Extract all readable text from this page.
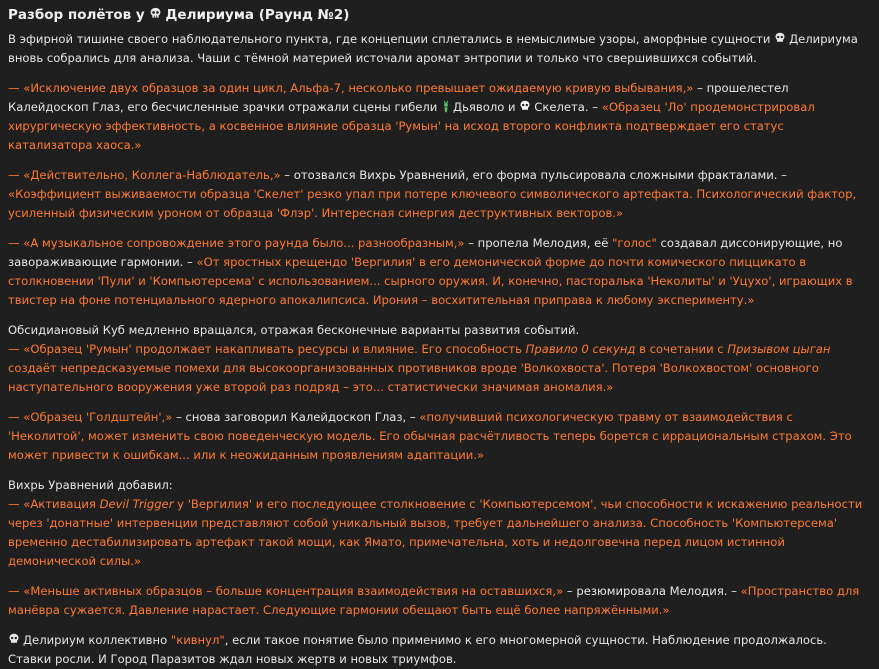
Разбор полётов у Делириума (Раунд №2)

В эфирной тишине своего наблюдательного пункта, где концепции сплетались в немыслимые узоры, аморфные сущности Делириума вновь собрались для анализа. Чаши с тёмной материей источали аромат энтропии и только что свершившихся событий.

— «Исключение двух образцов за один цикл, Альфа-7, несколько превышает ожидаемую кривую выбывания,» – прошелестел Калейдоскоп Глаз, его бесчисленные зрачки отражали сцены гибели Дьяволо и Скелета. – «Образец 'Ло' продемонстрировал хирургическую эффективность, а косвенное влияние образца 'Румын' на исход второго конфликта подтверждает его статус катализатора хаоса.»

— «Действительно, Коллега-Наблюдатель,» – отозвался Вихрь Уравнений, его форма пульсировала сложными фракталами. – «Коэффициент выживаемости образца 'Скелет' резко упал при потере ключевого символического артефакта. Психологический фактор, усиленный физическим уроном от образца 'Флэр'. Интересная синергия деструктивных векторов.»

— «А музыкальное сопровождение этого раунда было... разнообразным,» – пропела Мелодия, её "голос" создавал диссонирующие, но завораживающие гармонии. – «От яростных крещендо 'Вергилия' в его демонической форме до почти комического пиццикато в столкновении 'Пули' и 'Компьютерсема' с использованием... сырного оружия. И, конечно, пасторалька 'Неколиты' и 'Уцухо', играющих в твистер на фоне потенциального ядерного апокалипсиса. Ирония – восхитительная приправа к любому эксперименту.»

Обсидиановый Куб медленно вращался, отражая бесконечные варианты развития событий.
— «Образец 'Румын' продолжает накапливать ресурсы и влияние. Его способность Правило 0 секунд в сочетании с Призывом цыган создаёт непредсказуемые помехи для высокоорганизованных противников вроде 'Волкохвоста'. Потеря 'Волкохвостом' основного наступательного вооружения уже второй раз подряд – это... статистически значимая аномалия.»

— «Образец 'Голдштейн',» – снова заговорил Калейдоскоп Глаз, – «получивший психологическую травму от взаимодействия с 'Неколитой', может изменить свою поведенческую модель. Его обычная расчётливость теперь борется с иррациональным страхом. Это может привести к ошибкам... или к неожиданным проявлениям адаптации.»

Вихрь Уравнений добавил:
— «Активация Devil Trigger у 'Вергилия' и его последующее столкновение с 'Компьютерсемом', чьи способности к искажению реальности через 'донатные' интервенции представляют собой уникальный вызов, требует дальнейшего анализа. Способность 'Компьютерсема' временно дестабилизировать артефакт такой мощи, как Ямато, примечательна, хоть и недолговечна перед лицом истинной демонической силы.»

— «Меньше активных образцов – больше концентрация взаимодействия на оставшихся,» – резюмировала Мелодия. – «Пространство для манёвра сужается. Давление нарастает. Следующие гармонии обещают быть ещё более напряжёнными.»

Делириум коллективно "кивнул", если такое понятие было применимо к его многомерной сущности. Наблюдение продолжалось. Ставки росли. И Город Паразитов ждал новых жертв и новых триумфов.
